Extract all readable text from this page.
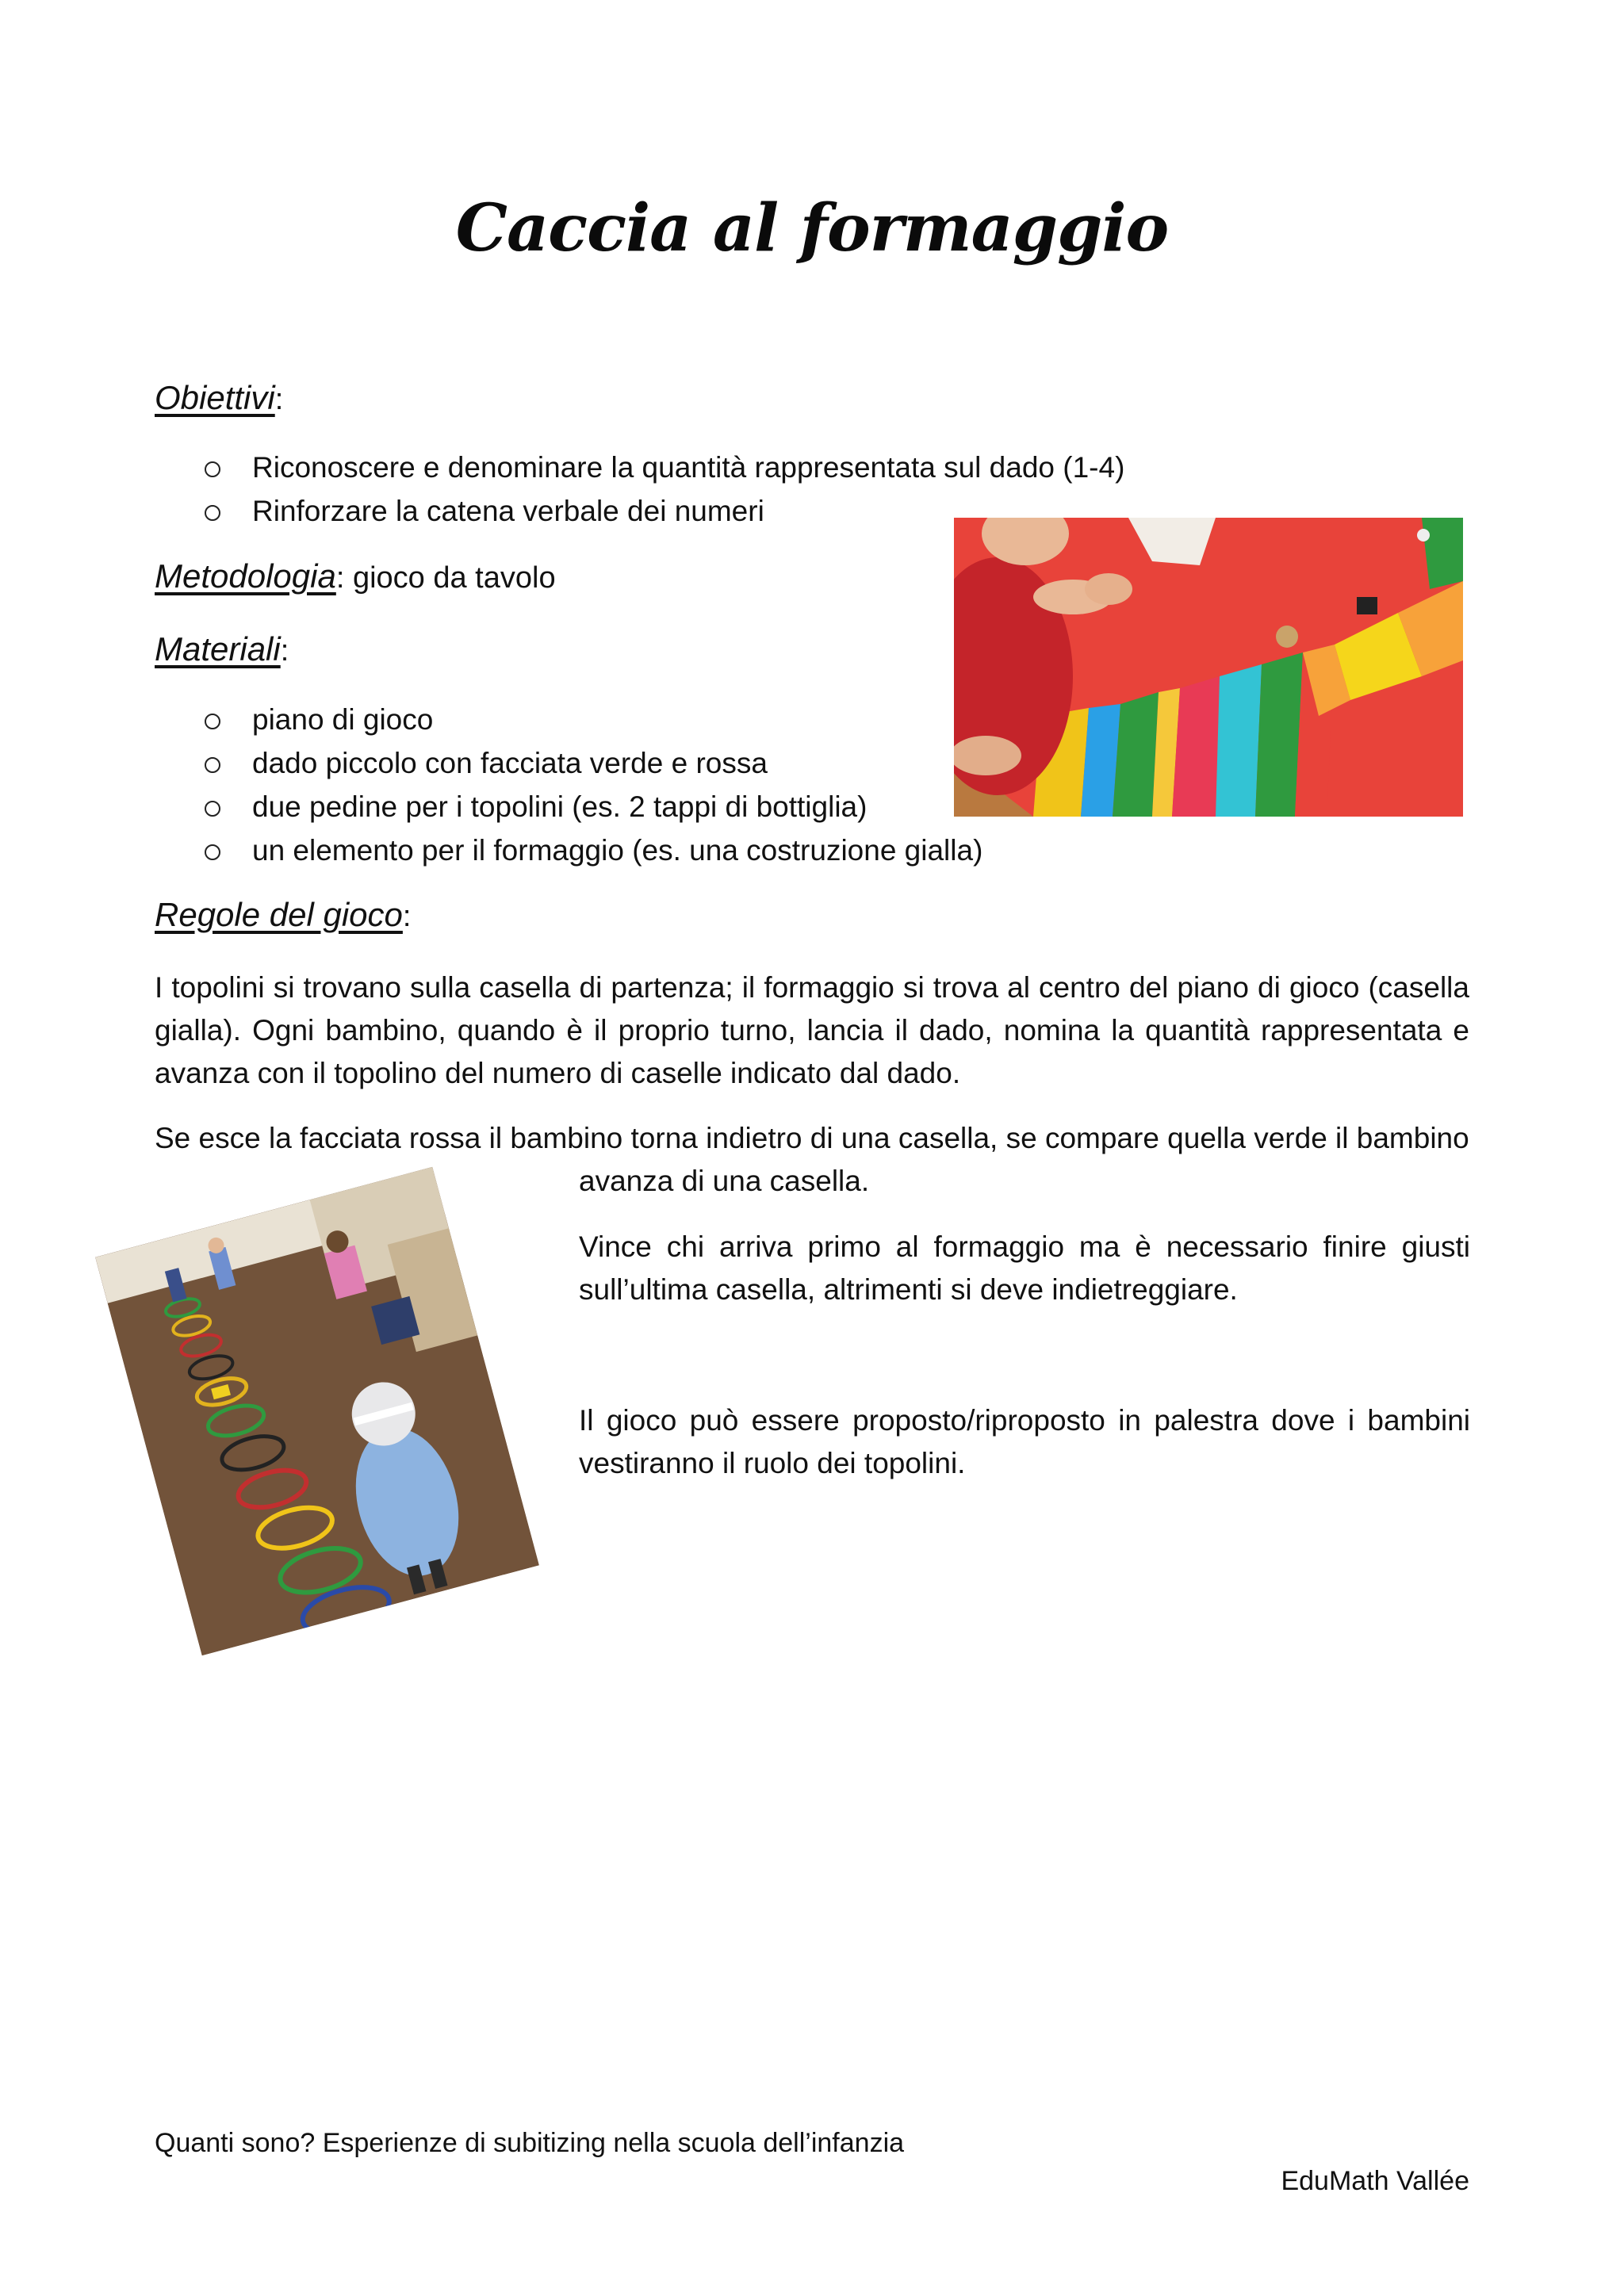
Caccia al formaggio
Obiettivi:
Riconoscere e denominare la quantità rappresentata sul dado (1-4)
Rinforzare la catena verbale dei numeri
Metodologia: gioco da tavolo
Materiali:
piano di gioco
dado piccolo con facciata verde e rossa
due pedine per i topolini (es. 2 tappi di bottiglia)
un elemento per il formaggio (es. una costruzione gialla)
Regole del gioco:
I topolini si trovano sulla casella di partenza; il formaggio si trova al centro del piano di gioco (casella gialla). Ogni bambino, quando è il proprio turno, lancia il dado, nomina la quantità rappresentata e avanza con il topolino del numero di caselle indicato dal dado.
Se esce la facciata rossa il bambino torna indietro di una casella, se compare quella verde il bambino
avanza di una casella.
Vince chi arriva primo al formaggio ma è necessario finire giusti sull’ultima casella, altrimenti si deve indietreggiare.
Il gioco può essere proposto/riproposto in palestra dove i bambini vestiranno il ruolo dei topolini.
Quanti sono? Esperienze di subitizing nella scuola dell’infanzia
EduMath Vallée
